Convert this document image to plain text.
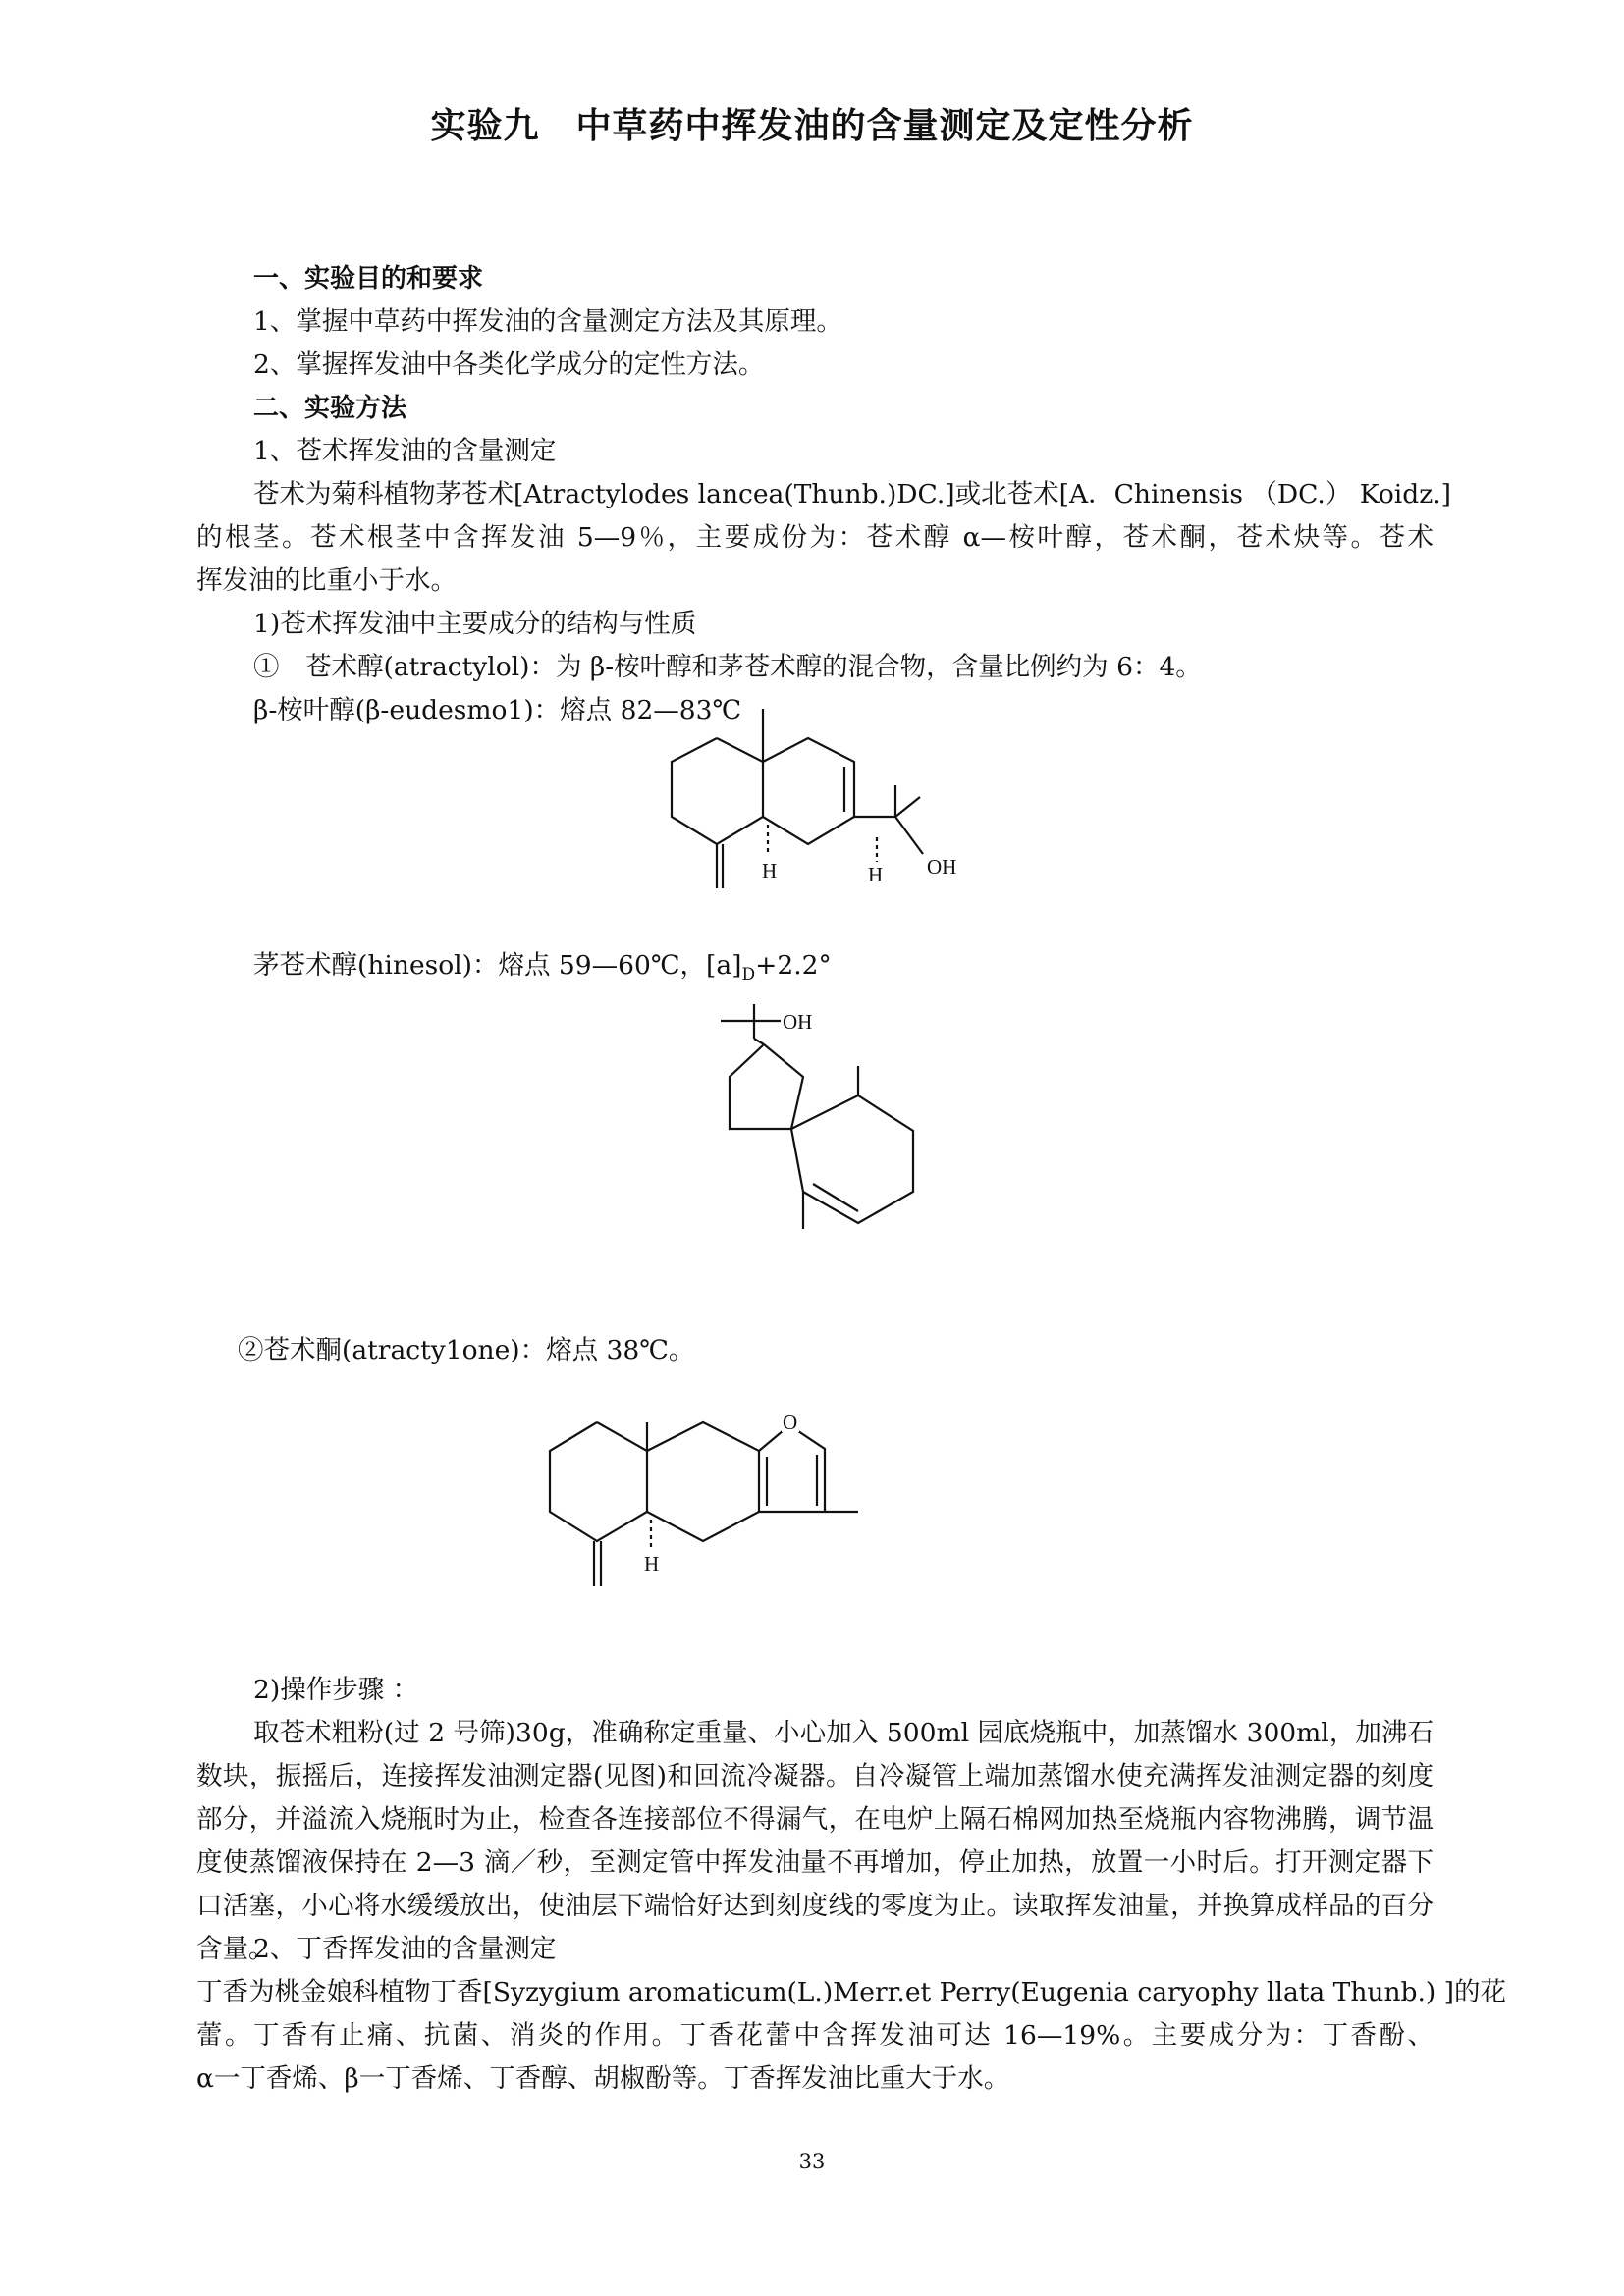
实验九　中草药中挥发油的含量测定及定性分析
一、实验目的和要求
1、掌握中草药中挥发油的含量测定方法及其原理。
2、掌握挥发油中各类化学成分的定性方法。
二、实验方法
1、苍术挥发油的含量测定
苍术为菊科植物茅苍术[Atractylodes lancea(Thunb.)DC.]或北苍术[A．Chinensis （DC.） Koidz.]
的根茎。苍术根茎中含挥发油 5—9％，主要成份为：苍术醇 α—桉叶醇，苍术酮，苍术炔等。苍术
挥发油的比重小于水。
1)苍术挥发油中主要成分的结构与性质
①　苍术醇(atractylol)：为 β-桉叶醇和茅苍术醇的混合物，含量比例约为 6：4。
β-桉叶醇(β-eudesmo1)：熔点 82—83℃
H	H OH
茅苍术醇(hinesol)：熔点 59—60℃，$[a]_D+2.2^\circ$
OH
②苍术酮(atracty1one)：熔点 38℃。
O
H
2)操作步骤 ：

取苍术粗粉(过 2 号筛)30g，准确称定重量、小心加入 500ml 园底烧瓶中，加蒸馏水 300ml，加沸石数块，振摇后，连接挥发油测定器(见图)和回流冷凝器。自冷凝管上端加蒸馏水使充满挥发油测定器的刻度部分，并溢流入烧瓶时为止，检查各连接部位不得漏气，在电炉上隔石棉网加热至烧瓶内容物沸腾，调节温度使蒸馏液保持在 2—3 滴／秒，至测定管中挥发油量不再增加，停止加热，放置一小时后。打开测定器下口活塞，小心将水缓缓放出，使油层下端恰好达到刻度线的零度为止。读取挥发油量，并换算成样品的百分含量。

2、丁香挥发油的含量测定
丁香为桃金娘科植物丁香[Syzygium aromaticum(L.)Merr.et Perry(Eugenia caryophy llata Thunb.) ]的花
蕾。丁香有止痛、抗菌、消炎的作用。丁香花蕾中含挥发油可达 16—19%。主要成分为：丁香酚、
α一丁香烯、β一丁香烯、丁香醇、胡椒酚等。丁香挥发油比重大于水。
33
